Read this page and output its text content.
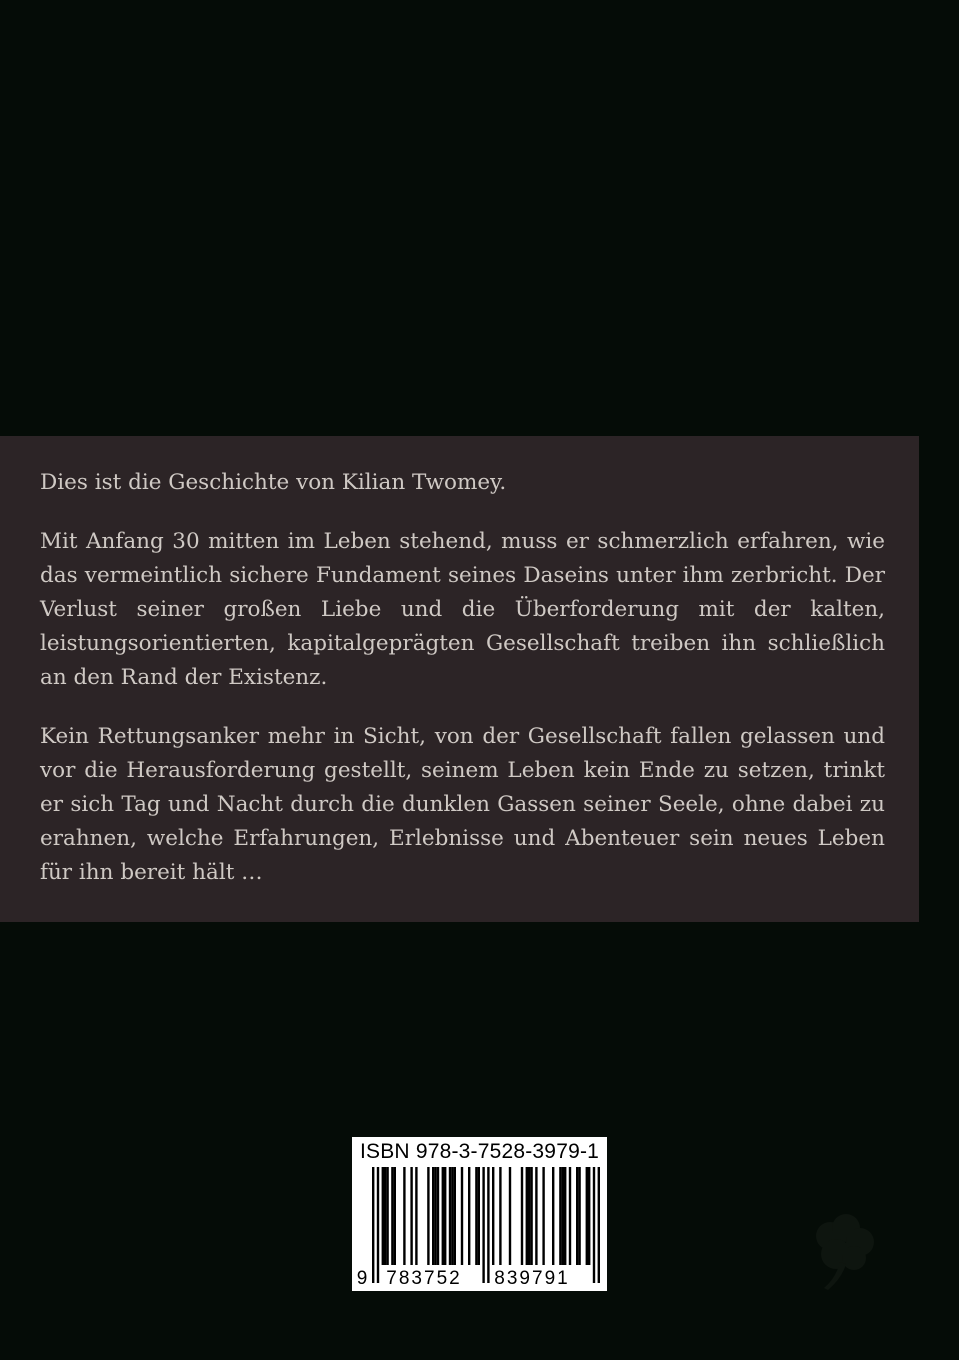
Dies ist die Geschichte von Kilian Twomey.

Mit Anfang 30 mitten im Leben stehend, muss er schmerzlich erfahren, wie das vermeintlich sichere Fundament seines Daseins unter ihm zerbricht. Der Verlust seiner großen Liebe und die Überforderung mit der kalten, leistungsorientierten, kapitalgeprägten Gesellschaft treiben ihn schließlich an den Rand der Existenz.

Kein Rettungsanker mehr in Sicht, von der Gesellschaft fallen gelassen und vor die Herausforderung gestellt, seinem Leben kein Ende zu setzen, trinkt er sich Tag und Nacht durch die dunklen Gassen seiner Seele, ohne dabei zu erahnen, welche Erfahrungen, Erlebnisse und Abenteuer sein neues Leben für ihn bereit hält …

ISBN 978-3-7528-3979-1
9 783752 839791
